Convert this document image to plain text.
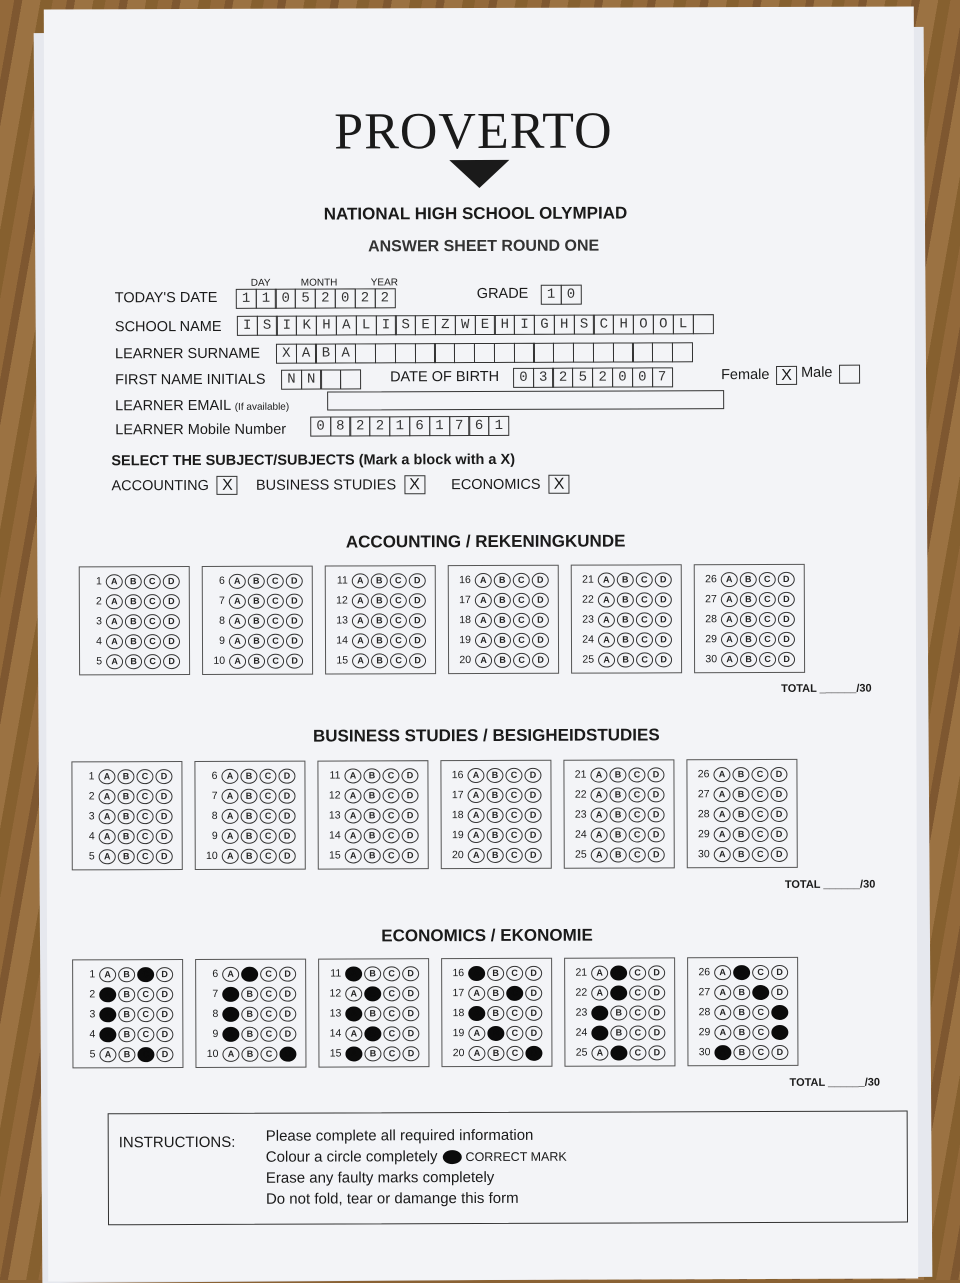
PROVERTO
NATIONAL HIGH SCHOOL OLYMPIAD
ANSWER SHEET ROUND ONE
DAY	MONTH	YEAR
TODAY'S DATE	1 1 0 5 2 0 2 2	GRADE	1 0
SCHOOL NAME	I S I K H A L I S E Z W E H I G H S C H O O L
LEARNER SURNAME	X A B A
FIRST NAME INITIALS	N N	DATE OF BIRTH	0 3 2 5 2 0 0 7	Female X Male
LEARNER EMAIL (If available)
LEARNER Mobile Number	0 8 2 2 1 6 1 7 6 1
SELECT THE SUBJECT/SUBJECTS (Mark a block with a X)
ACCOUNTING X	BUSINESS STUDIES X	ECONOMICS X
ACCOUNTING / REKENINGKUNDE
1	A	B	C	D
2	A	B	C	D
3	A	B	C	D
4	A	B	C	D
5	A	B	C	D
6	A	B	C	D
7	A	B	C	D
8	A	B	C	D
9	A	B	C	D
10	A	B	C	D
11	A	B	C	D
12	A	B	C	D
13	A	B	C	D
14	A	B	C	D
15	A	B	C	D
16	A	B	C	D
17	A	B	C	D
18	A	B	C	D
19	A	B	C	D
20	A	B	C	D
21	A	B	C	D
22	A	B	C	D
23	A	B	C	D
24	A	B	C	D
25	A	B	C	D
26	A	B	C	D
27	A	B	C	D
28	A	B	C	D
29	A	B	C	D
30	A	B	C	D
TOTAL ______/30
BUSINESS STUDIES / BESIGHEIDSTUDIES
1	A	B	C	D
2	A	B	C	D
3	A	B	C	D
4	A	B	C	D
5	A	B	C	D
6	A	B	C	D
7	A	B	C	D
8	A	B	C	D
9	A	B	C	D
10	A	B	C	D
11	A	B	C	D
12	A	B	C	D
13	A	B	C	D
14	A	B	C	D
15	A	B	C	D
16	A	B	C	D
17	A	B	C	D
18	A	B	C	D
19	A	B	C	D
20	A	B	C	D
21	A	B	C	D
22	A	B	C	D
23	A	B	C	D
24	A	B	C	D
25	A	B	C	D
26	A	B	C	D
27	A	B	C	D
28	A	B	C	D
29	A	B	C	D
30	A	B	C	D
TOTAL ______/30
ECONOMICS / EKONOMIE
1	A	B	C	D
2	A	B	C	D
3	A	B	C	D
4	A	B	C	D
5	A	B	C	D
6	A	B	C	D
7	A	B	C	D
8	A	B	C	D
9	A	B	C	D
10	A	B	C	D
11	A	B	C	D
12	A	B	C	D
13	A	B	C	D
14	A	B	C	D
15	A	B	C	D
16	A	B	C	D
17	A	B	C	D
18	A	B	C	D
19	A	B	C	D
20	A	B	C	D
21	A	B	C	D
22	A	B	C	D
23	A	B	C	D
24	A	B	C	D
25	A	B	C	D
26	A	B	C	D
27	A	B	C	D
28	A	B	C	D
29	A	B	C	D
30	A	B	C	D
TOTAL ______/30
INSTRUCTIONS: Please complete all required information
Colour a circle completely CORRECT MARK
Erase any faulty marks completely
Do not fold, tear or damange this form
